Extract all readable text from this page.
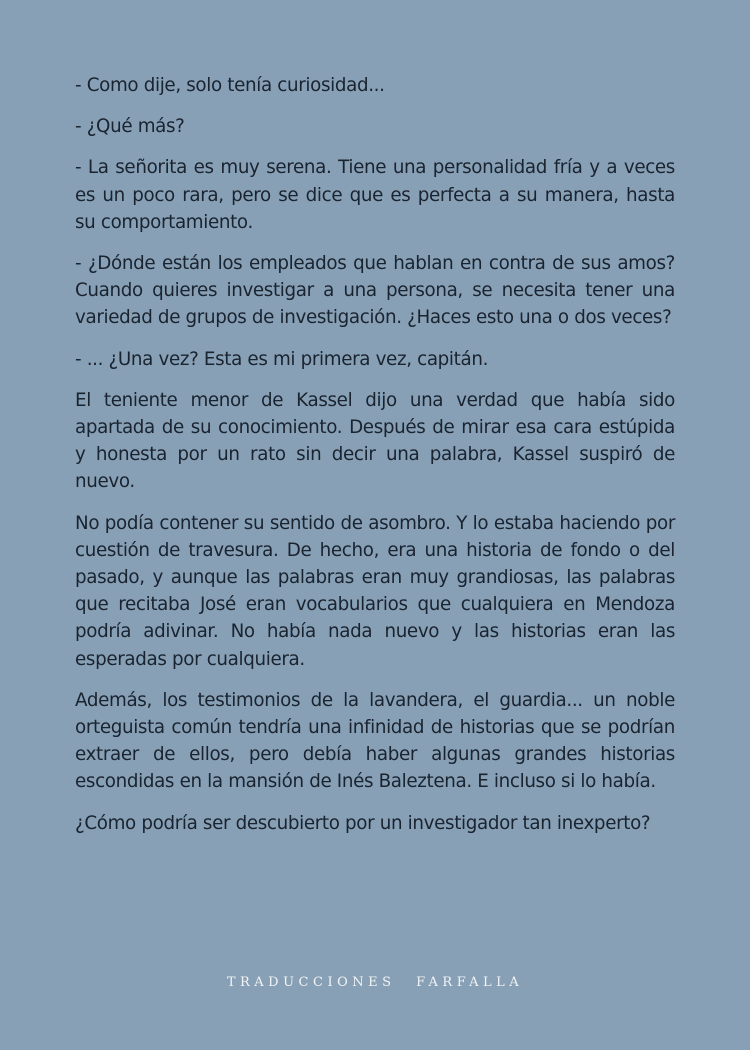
- Como dije, solo tenía curiosidad...

- ¿Qué más?

- La señorita es muy serena. Tiene una personalidad fría y a veces es un poco rara, pero se dice que es perfecta a su manera, hasta su comportamiento.

- ¿Dónde están los empleados que hablan en contra de sus amos? Cuando quieres investigar a una persona, se necesita tener una variedad de grupos de investigación. ¿Haces esto una o dos veces?

- ... ¿Una vez? Esta es mi primera vez, capitán.

El teniente menor de Kassel dijo una verdad que había sido apartada de su conocimiento. Después de mirar esa cara estúpida y honesta por un rato sin decir una palabra, Kassel suspiró de nuevo.

No podía contener su sentido de asombro. Y lo estaba haciendo por cuestión de travesura. De hecho, era una historia de fondo o del pasado, y aunque las palabras eran muy grandiosas, las palabras que recitaba José eran vocabularios que cualquiera en Mendoza podría adivinar. No había nada nuevo y las historias eran las esperadas por cualquiera.

Además, los testimonios de la lavandera, el guardia... un noble orteguista común tendría una infinidad de historias que se podrían extraer de ellos, pero debía haber algunas grandes historias escondidas en la mansión de Inés Baleztena. E incluso si lo había.

¿Cómo podría ser descubierto por un investigador tan inexperto?

TRADUCCIONES FARFALLA
